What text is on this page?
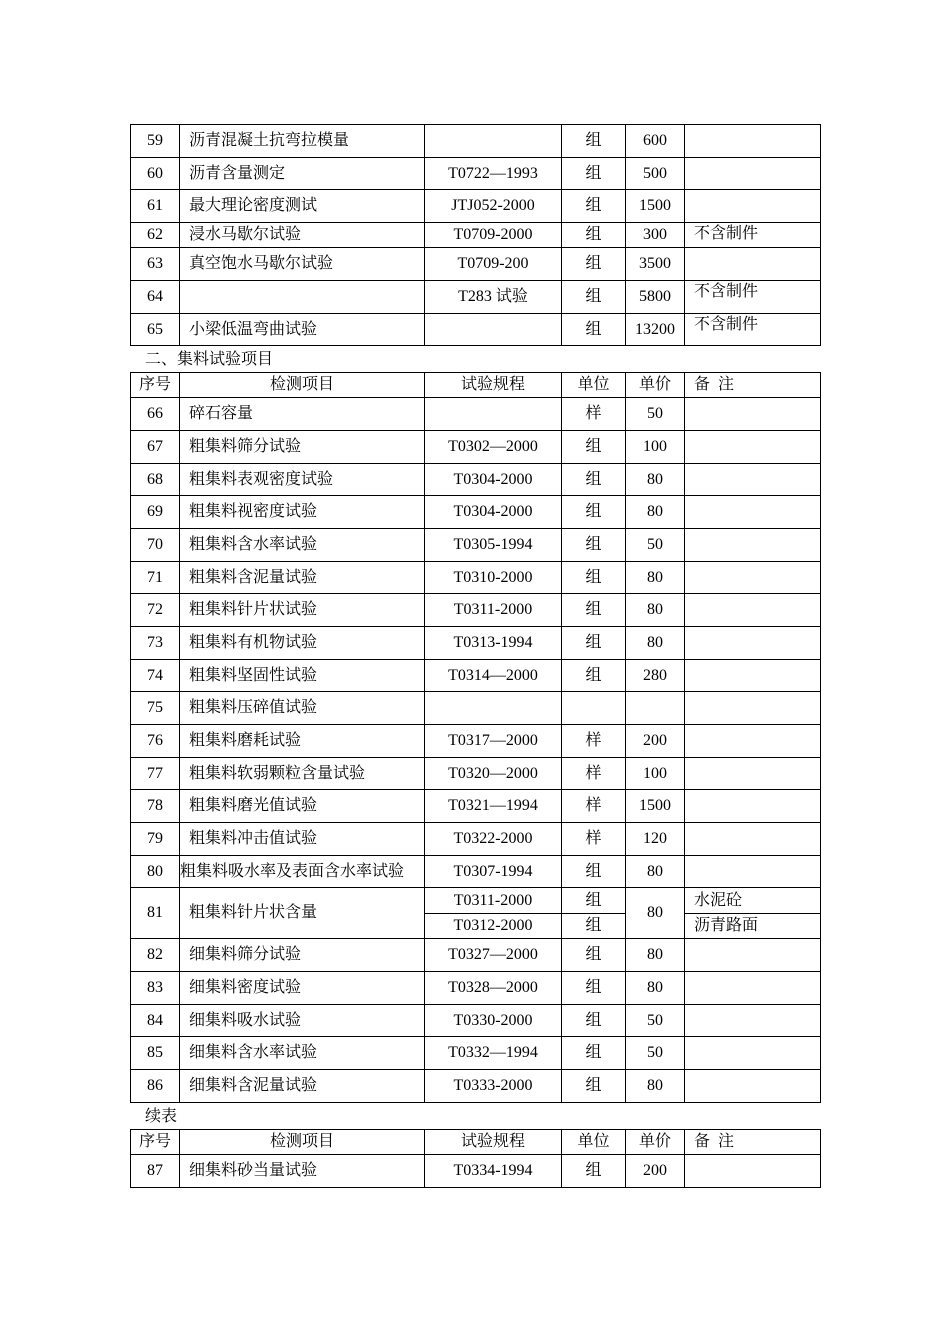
59	沥青混凝土抗弯拉模量		组	600	
60	沥青含量测定	T0722—1993	组	500	
61	最大理论密度测试	JTJ052-2000	组	1500	
62	浸水马歇尔试验	T0709-2000	组	300	不含制件
63	真空饱水马歇尔试验	T0709-200	组	3500	
64		T283 试验	组	5800	不含制件
65	小梁低温弯曲试验		组	13200	不含制件
二、集料试验项目
序号	检测项目	试验规程	单位	单价	备  注
66	碎石容量		样	50	
67	粗集料筛分试验	T0302—2000	组	100	
68	粗集料表观密度试验	T0304-2000	组	80	
69	粗集料视密度试验	T0304-2000	组	80	
70	粗集料含水率试验	T0305-1994	组	50	
71	粗集料含泥量试验	T0310-2000	组	80	
72	粗集料针片状试验	T0311-2000	组	80	
73	粗集料有机物试验	T0313-1994	组	80	
74	粗集料坚固性试验	T0314—2000	组	280	
75	粗集料压碎值试验				
76	粗集料磨耗试验	T0317—2000	样	200	
77	粗集料软弱颗粒含量试验	T0320—2000	样	100	
78	粗集料磨光值试验	T0321—1994	样	1500	
79	粗集料冲击值试验	T0322-2000	样	120	
80	粗集料吸水率及表面含水率试验	T0307-1994	组	80	
81	粗集料针片状含量	T0311-2000	组	80	水泥砼
		T0312-2000	组		沥青路面
82	细集料筛分试验	T0327—2000	组	80	
83	细集料密度试验	T0328—2000	组	80	
84	细集料吸水试验	T0330-2000	组	50	
85	细集料含水率试验	T0332—1994	组	50	
86	细集料含泥量试验	T0333-2000	组	80	
续表
序号	检测项目	试验规程	单位	单价	备  注
87	细集料砂当量试验	T0334-1994	组	200	
